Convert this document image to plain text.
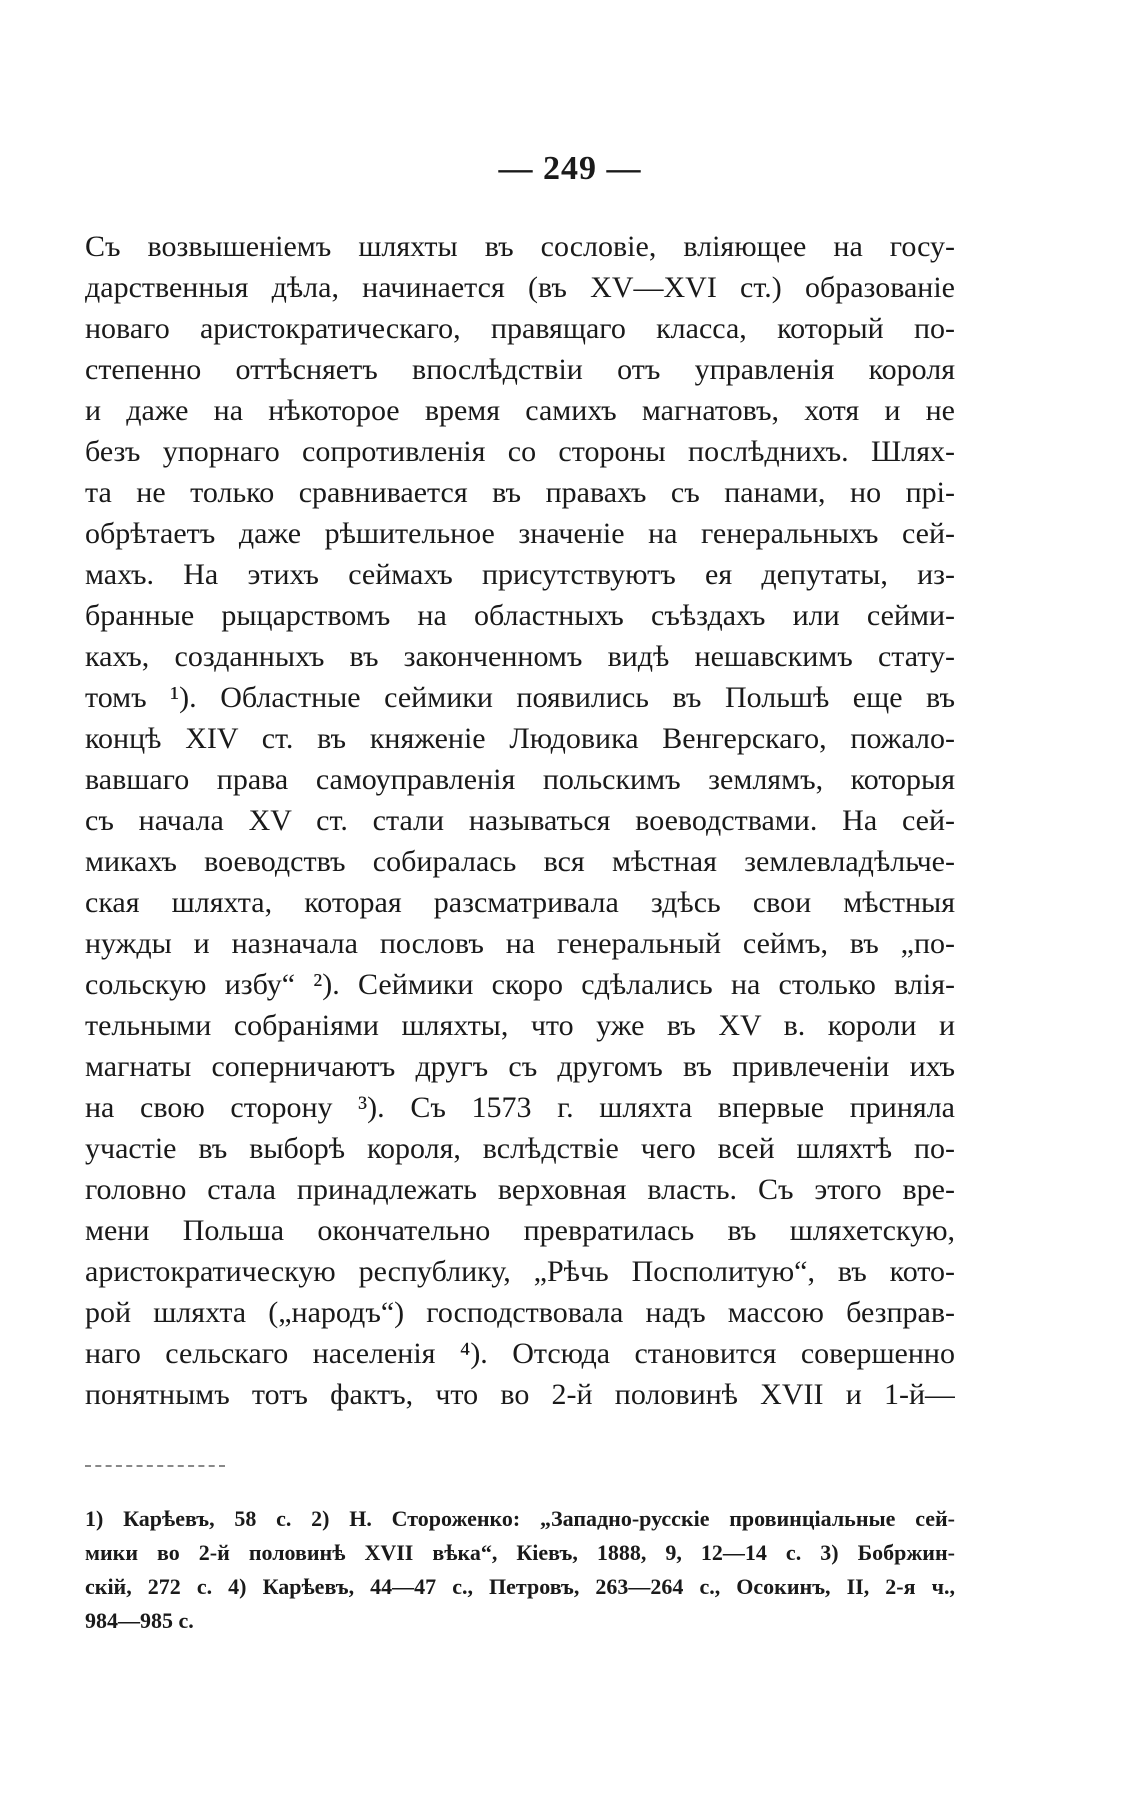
— 249 —
Съ возвышеніемъ шляхты въ сословіе, вліяющее на госу-
дарственныя дѣла, начинается (въ XV—XVI ст.) образованіе
новаго аристократическаго, правящаго класса, который по-
степенно оттѣсняетъ впослѣдствіи отъ управленія короля
и даже на нѣкоторое время самихъ магнатовъ, хотя и не
безъ упорнаго сопротивленія со стороны послѣднихъ. Шлях-
та не только сравнивается въ правахъ съ панами, но прі-
обрѣтаетъ даже рѣшительное значеніе на генеральныхъ сей-
махъ. На этихъ сеймахъ присутствуютъ ея депутаты, из-
бранные рыцарствомъ на областныхъ съѣздахъ или сейми-
кахъ, созданныхъ въ законченномъ видѣ нешавскимъ стату-
томъ ¹). Областные сеймики появились въ Польшѣ еще въ
концѣ XIV ст. въ княженіе Людовика Венгерскаго, пожало-
вавшаго права самоуправленія польскимъ землямъ, которыя
съ начала XV ст. стали называться воеводствами. На сей-
микахъ воеводствъ собиралась вся мѣстная землевладѣльче-
ская шляхта, которая разсматривала здѣсь свои мѣстныя
нужды и назначала пословъ на генеральный сеймъ, въ „по-
сольскую избу“ ²). Сеймики скоро сдѣлались на столько влія-
тельными собраніями шляхты, что уже въ XV в. короли и
магнаты соперничаютъ другъ съ другомъ въ привлеченіи ихъ
на свою сторону ³). Съ 1573 г. шляхта впервые приняла
участіе въ выборѣ короля, вслѣдствіе чего всей шляхтѣ по-
головно стала принадлежать верховная власть. Съ этого вре-
мени Польша окончательно превратилась въ шляхетскую,
аристократическую республику, „Рѣчь Посполитую“, въ кото-
рой шляхта („народъ“) господствовала надъ массою безправ-
наго сельскаго населенія ⁴). Отсюда становится совершенно
понятнымъ тотъ фактъ, что во 2-й половинѣ XVII и 1-й—
1) Карѣевъ, 58 с. 2) Н. Стороженко: „Западно-русскіе провинціальные сей-
мики во 2-й половинѣ XVII вѣка“, Кіевъ, 1888, 9, 12—14 с. 3) Бобржин-
скій, 272 с. 4) Карѣевъ, 44—47 с., Петровъ, 263—264 с., Осокинъ, II, 2-я ч.,
984—985 с.
